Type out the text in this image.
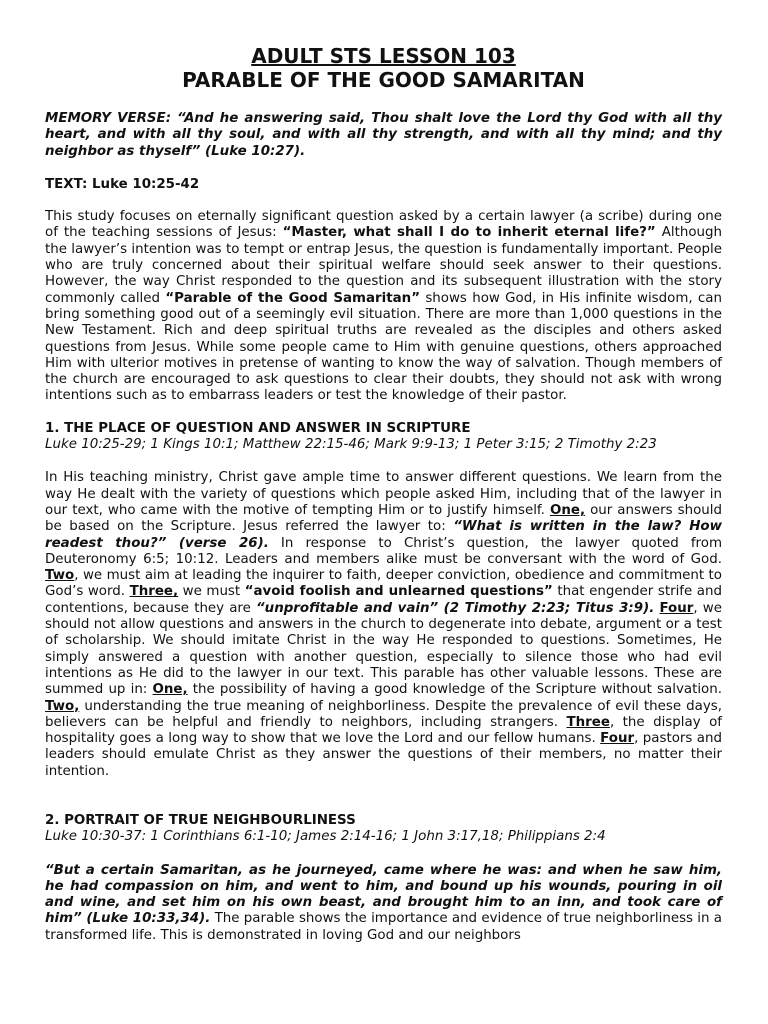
ADULT STS LESSON 103
PARABLE OF THE GOOD SAMARITAN

MEMORY VERSE: “And he answering said, Thou shalt love the Lord thy God with all thy heart, and with all thy soul, and with all thy strength, and with all thy mind; and thy neighbor as thyself” (Luke 10:27).

TEXT: Luke 10:25-42

This study focuses on eternally significant question asked by a certain lawyer (a scribe) during one of the teaching sessions of Jesus: “Master, what shall I do to inherit eternal life?” Although the lawyer’s intention was to tempt or entrap Jesus, the question is fundamentally important. People who are truly concerned about their spiritual welfare should seek answer to their questions. However, the way Christ responded to the question and its subsequent illustration with the story commonly called “Parable of the Good Samaritan” shows how God, in His infinite wisdom, can bring something good out of a seemingly evil situation. There are more than 1,000 questions in the New Testament. Rich and deep spiritual truths are revealed as the disciples and others asked questions from Jesus. While some people came to Him with genuine questions, others approached Him with ulterior motives in pretense of wanting to know the way of salvation. Though members of the church are encouraged to ask questions to clear their doubts, they should not ask with wrong intentions such as to embarrass leaders or test the knowledge of their pastor.

1. THE PLACE OF QUESTION AND ANSWER IN SCRIPTURE

Luke 10:25-29; 1 Kings 10:1; Matthew 22:15-46; Mark 9:9-13; 1 Peter 3:15; 2 Timothy 2:23

In His teaching ministry, Christ gave ample time to answer different questions. We learn from the way He dealt with the variety of questions which people asked Him, including that of the lawyer in our text, who came with the motive of tempting Him or to justify himself. One, our answers should be based on the Scripture. Jesus referred the lawyer to: “What is written in the law? How readest thou?” (verse 26). In response to Christ’s question, the lawyer quoted from Deuteronomy 6:5; 10:12. Leaders and members alike must be conversant with the word of God. Two, we must aim at leading the inquirer to faith, deeper conviction, obedience and commitment to God’s word. Three, we must “avoid foolish and unlearned questions” that engender strife and contentions, because they are “unprofitable and vain” (2 Timothy 2:23; Titus 3:9). Four, we should not allow questions and answers in the church to degenerate into debate, argument or a test of scholarship. We should imitate Christ in the way He responded to questions. Sometimes, He simply answered a question with another question, especially to silence those who had evil intentions as He did to the lawyer in our text. This parable has other valuable lessons. These are summed up in: One, the possibility of having a good knowledge of the Scripture without salvation. Two, understanding the true meaning of neighborliness. Despite the prevalence of evil these days, believers can be helpful and friendly to neighbors, including strangers. Three, the display of hospitality goes a long way to show that we love the Lord and our fellow humans. Four, pastors and leaders should emulate Christ as they answer the questions of their members, no matter their intention.

2. PORTRAIT OF TRUE NEIGHBOURLINESS

Luke 10:30-37: 1 Corinthians 6:1-10; James 2:14-16; 1 John 3:17,18; Philippians 2:4

“But a certain Samaritan, as he journeyed, came where he was: and when he saw him, he had compassion on him, and went to him, and bound up his wounds, pouring in oil and wine, and set him on his own beast, and brought him to an inn, and took care of him” (Luke 10:33,34). The parable shows the importance and evidence of true neighborliness in a transformed life. This is demonstrated in loving God and our neighbors
